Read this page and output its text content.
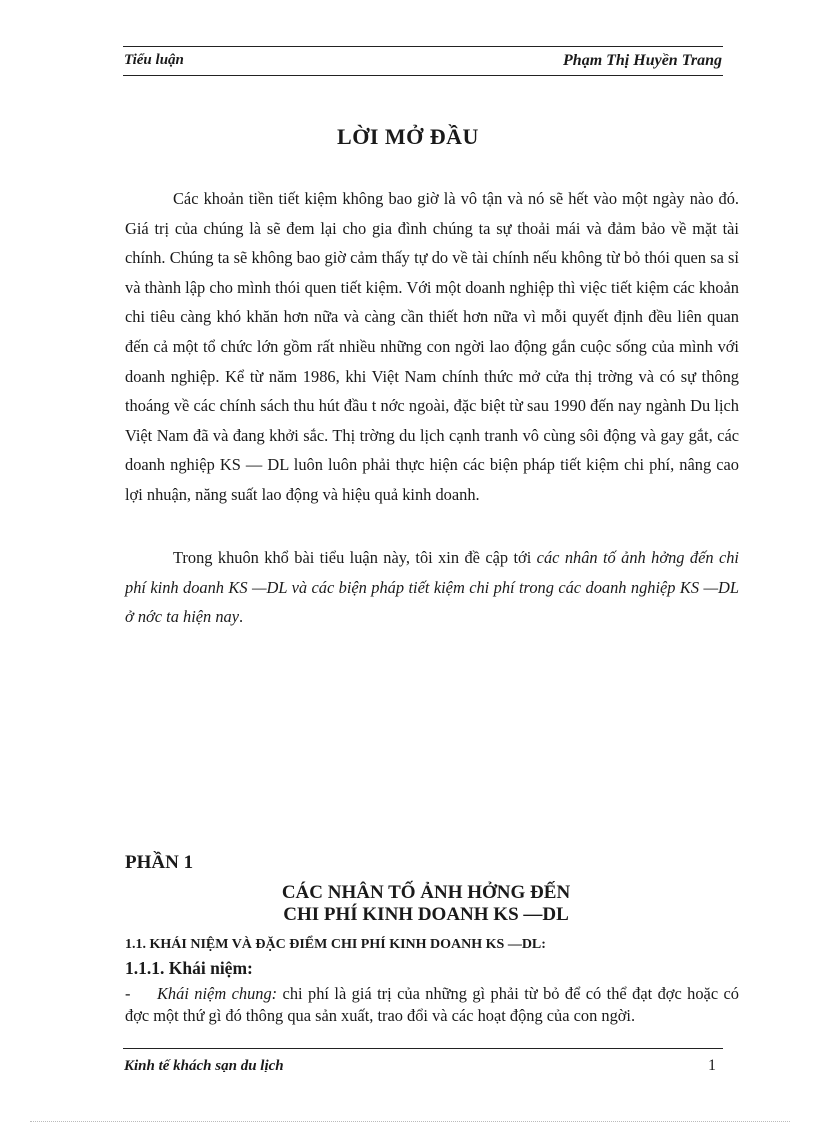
Tiểu luận	Phạm Thị Huyền Trang
LỜI MỞ ĐẦU

Các khoản tiền tiết kiệm không bao giờ là vô tận và nó sẽ hết vào một ngày nào đó. Giá trị của chúng là sẽ đem lại cho gia đình chúng ta sự thoải mái và đảm bảo về mặt tài chính. Chúng ta sẽ không bao giờ cảm thấy tự do về tài chính nếu không từ bỏ thói quen sa sỉ và thành lập cho mình thói quen tiết kiệm. Với một doanh nghiệp thì việc tiết kiệm các khoản chi tiêu càng khó khăn hơn nữa và càng cần thiết hơn nữa vì mỗi quyết định đều liên quan đến cả một tổ chức lớn gồm rất nhiều những con ngời lao động gắn cuộc sống của mình với doanh nghiệp. Kể từ năm 1986, khi Việt Nam chính thức mở cửa thị trờng và có sự thông thoáng về các chính sách thu hút đầu t nớc ngoài, đặc biệt từ sau 1990 đến nay ngành Du lịch Việt Nam đã và đang khởi sắc. Thị trờng du lịch cạnh tranh vô cùng sôi động và gay gắt, các doanh nghiệp KS — DL luôn luôn phải thực hiện các biện pháp tiết kiệm chi phí, nâng cao lợi nhuận, năng suất lao động và hiệu quả kinh doanh.

Trong khuôn khổ bài tiểu luận này, tôi xin đề cập tới các nhân tố ảnh hởng đến chi phí kinh doanh KS —DL và các biện pháp tiết kiệm chi phí trong các doanh nghiệp KS —DL ở nớc ta hiện nay.

PHẦN 1
CÁC NHÂN TỐ ẢNH HỞNG ĐẾN
CHI PHÍ KINH DOANH KS —DL
1.1. KHÁI NIỆM VÀ ĐẶC ĐIỂM CHI PHÍ KINH DOANH KS —DL:
1.1.1. Khái niệm:

- Khái niệm chung: chi phí là giá trị của những gì phải từ bỏ để có thể đạt đợc hoặc có đợc một thứ gì đó thông qua sản xuất, trao đổi và các hoạt động của con ngời.

Kinh tế khách sạn du lịch	1
